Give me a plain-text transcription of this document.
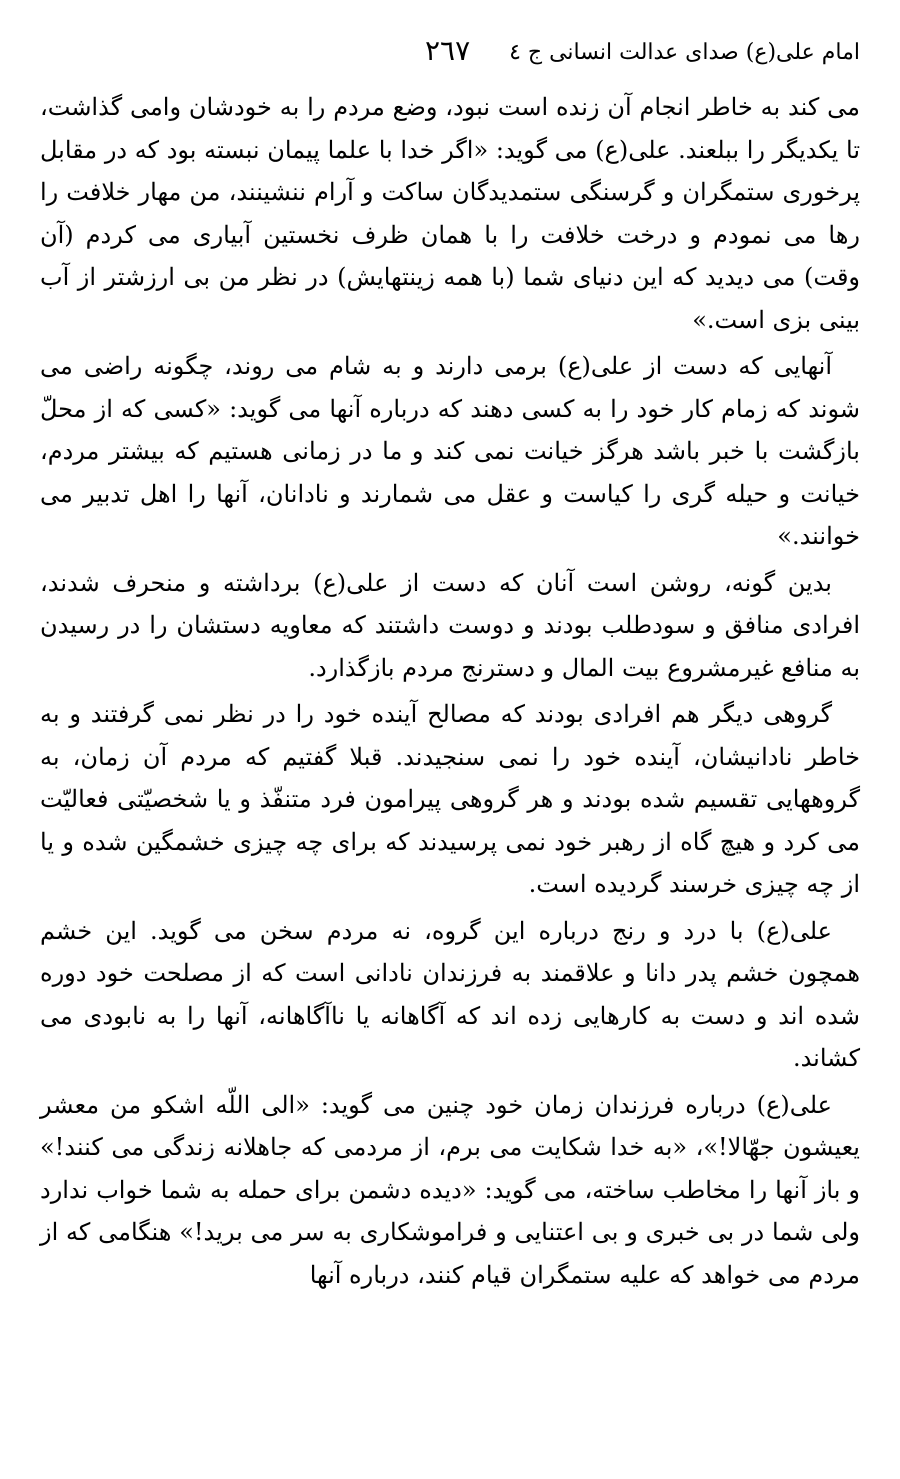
امام علی(ع) صدای عدالت انسانی ج ٤
٢٦٧

می کند به خاطر انجام آن زنده است نبود، وضع مردم را به خودشان وامی گذاشت، تا یکدیگر را ببلعند. علی(ع) می گوید: «اگر خدا با علما پیمان نبسته بود که در مقابل پرخوری ستمگران و گرسنگی ستمدیدگان ساکت و آرام ننشینند، من مهار خلافت را رها می نمودم و درخت خلافت را با همان ظرف نخستین آبیاری می کردم (آن وقت) می دیدید که این دنیای شما (با همه زینتهایش) در نظر من بی ارزشتر از آب بینی بزی است.»

آنهایی که دست از علی(ع) برمی دارند و به شام می روند، چگونه راضی می شوند که زمام کار خود را به کسی دهند که درباره آنها می گوید: «کسی که از محلّ بازگشت با خبر باشد هرگز خیانت نمی کند و ما در زمانی هستیم که بیشتر مردم، خیانت و حیله گری را کیاست و عقل می شمارند و نادانان، آنها را اهل تدبیر می خوانند.»

بدین گونه، روشن است آنان که دست از علی(ع) برداشته و منحرف شدند، افرادی منافق و سودطلب بودند و دوست داشتند که معاویه دستشان را در رسیدن به منافع غیرمشروع بیت المال و دسترنج مردم بازگذارد.

گروهی دیگر هم افرادی بودند که مصالح آینده خود را در نظر نمی گرفتند و به خاطر نادانیشان، آینده خود را نمی سنجیدند. قبلا گفتیم که مردم آن زمان، به گروههایی تقسیم شده بودند و هر گروهی پیرامون فرد متنفّذ و یا شخصیّتی فعالیّت می کرد و هیچ گاه از رهبر خود نمی پرسیدند که برای چه چیزی خشمگین شده و یا از چه چیزی خرسند گردیده است.

علی(ع) با درد و رنج درباره این گروه، نه مردم سخن می گوید. این خشم همچون خشم پدر دانا و علاقمند به فرزندان نادانی است که از مصلحت خود دوره شده اند و دست به کارهایی زده اند که آگاهانه یا ناآگاهانه، آنها را به نابودی می کشاند.

علی(ع) درباره فرزندان زمان خود چنین می گوید: «الی اللّه اشکو من معشر یعیشون جهّالا!»، «به خدا شکایت می برم، از مردمی که جاهلانه زندگی می کنند!» و باز آنها را مخاطب ساخته، می گوید: «دیده دشمن برای حمله به شما خواب ندارد ولی شما در بی خبری و بی اعتنایی و فراموشکاری به سر می برید!» هنگامی که از مردم می خواهد که علیه ستمگران قیام کنند، درباره آنها
